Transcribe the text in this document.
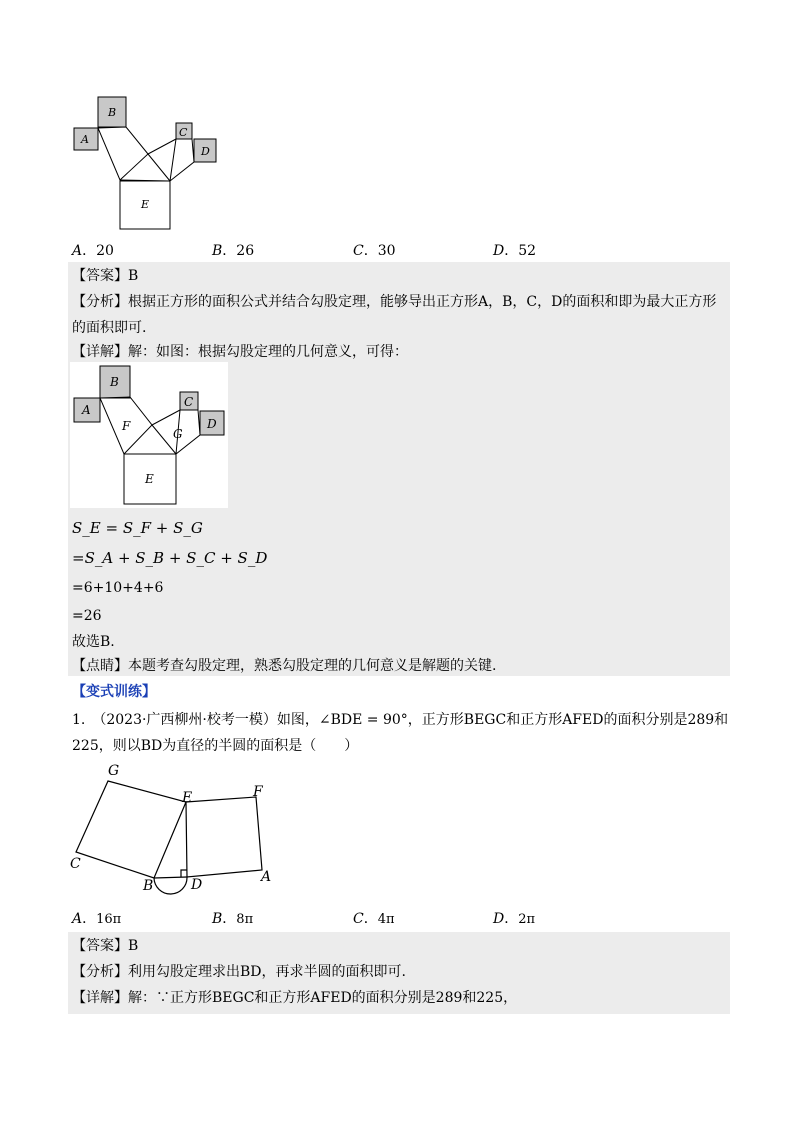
B
A
C
D
E
A．20	B．26	C．30	D．52
【答案】B
【分析】根据正方形的面积公式并结合勾股定理，能够导出正方形A，B，C，D的面积和即为最大正方形
的面积即可.
【详解】解：如图：根据勾股定理的几何意义，可得：
B
A
C
D
F
G
E
S_E = S_F + S_G
=S_A + S_B + S_C + S_D
=6+10+4+6
=26
故选B.
【点睛】本题考查勾股定理，熟悉勾股定理的几何意义是解题的关键.
【变式训练】
1.　（2023·广西柳州·校考一模）如图，∠BDE = 90°，正方形BEGC和正方形AFED的面积分别是289和
225，则以BD为直径的半圆的面积是（　　）
G
E	F
C
B	D	A
A．16π	B．8π	C．4π	D．2π
【答案】B
【分析】利用勾股定理求出BD，再求半圆的面积即可.
【详解】解：∵正方形BEGC和正方形AFED的面积分别是289和225，
